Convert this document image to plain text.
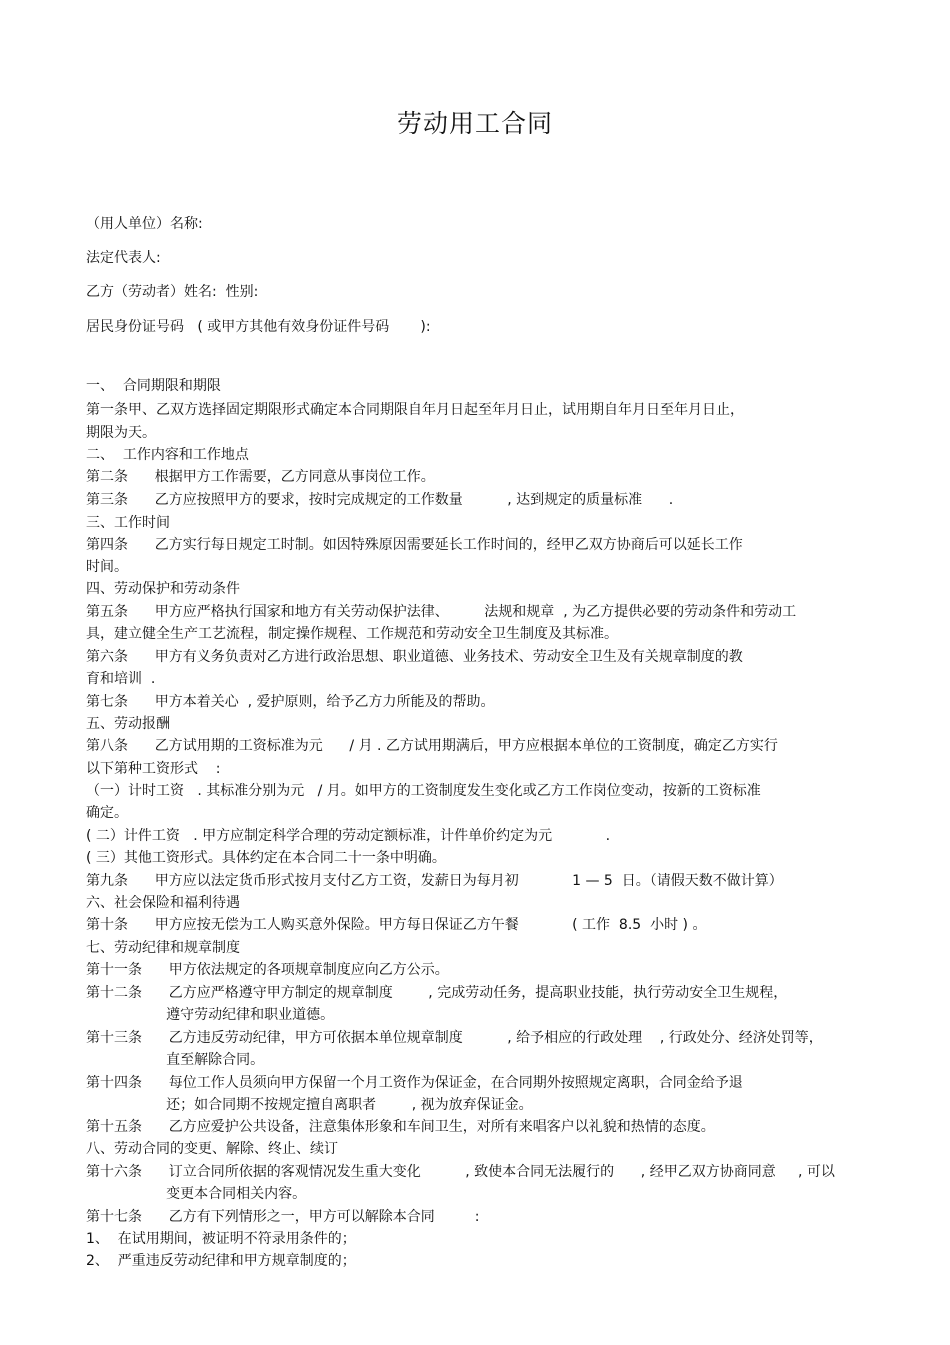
劳动用工合同
（用人单位）名称:
法定代表人:
乙方（劳动者）姓名:  性别:
居民身份证号码   ( 或甲方其他有效身份证件号码       ):
一、  合同期限和期限
第一条甲、乙双方选择固定期限形式确定本合同期限自年月日起至年月日止，试用期自年月日至年月日止，
期限为天。
二、  工作内容和工作地点
第二条      根据甲方工作需要，乙方同意从事岗位工作。
第三条      乙方应按照甲方的要求，按时完成规定的工作数量          , 达到规定的质量标准      .
三、工作时间
第四条      乙方实行每日规定工时制。如因特殊原因需要延长工作时间的，经甲乙双方协商后可以延长工作
时间。
四、劳动保护和劳动条件
第五条      甲方应严格执行国家和地方有关劳动保护法律、        法规和规章  , 为乙方提供必要的劳动条件和劳动工
具，建立健全生产工艺流程，制定操作规程、工作规范和劳动安全卫生制度及其标准。
第六条      甲方有义务负责对乙方进行政治思想、职业道德、业务技术、劳动安全卫生及有关规章制度的教
育和培训  .
第七条      甲方本着关心  , 爱护原则，给予乙方力所能及的帮助。
五、劳动报酬
第八条      乙方试用期的工资标准为元      / 月 . 乙方试用期满后，甲方应根据本单位的工资制度，确定乙方实行
以下第种工资形式    :
（一）计时工资   . 其标准分别为元   / 月。如甲方的工资制度发生变化或乙方工作岗位变动，按新的工资标准
确定。
( 二）计件工资   . 甲方应制定科学合理的劳动定额标准，计件单价约定为元            .
( 三）其他工资形式。具体约定在本合同二十一条中明确。
第九条      甲方应以法定货币形式按月支付乙方工资，发薪日为每月初            1 — 5  日。（请假天数不做计算）
六、社会保险和福利待遇
第十条      甲方应按无偿为工人购买意外保险。甲方每日保证乙方午餐            ( 工作  8.5  小时 ) 。
七、劳动纪律和规章制度
第十一条      甲方依法规定的各项规章制度应向乙方公示。
第十二条      乙方应严格遵守甲方制定的规章制度        , 完成劳动任务，提高职业技能，执行劳动安全卫生规程，
遵守劳动纪律和职业道德。
第十三条      乙方违反劳动纪律，甲方可依据本单位规章制度          , 给予相应的行政处理    , 行政处分、经济处罚等，
直至解除合同。
第十四条      每位工作人员须向甲方保留一个月工资作为保证金，在合同期外按照规定离职，合同金给予退
还；如合同期不按规定擅自离职者        , 视为放弃保证金。
第十五条      乙方应爱护公共设备，注意集体形象和车间卫生，对所有来唱客户以礼貌和热情的态度。
八、劳动合同的变更、解除、终止、续订
第十六条      订立合同所依据的客观情况发生重大变化          , 致使本合同无法履行的      , 经甲乙双方协商同意     , 可以
变更本合同相关内容。
第十七条      乙方有下列情形之一，甲方可以解除本合同         :
1、  在试用期间，被证明不符录用条件的；
2、  严重违反劳动纪律和甲方规章制度的；
